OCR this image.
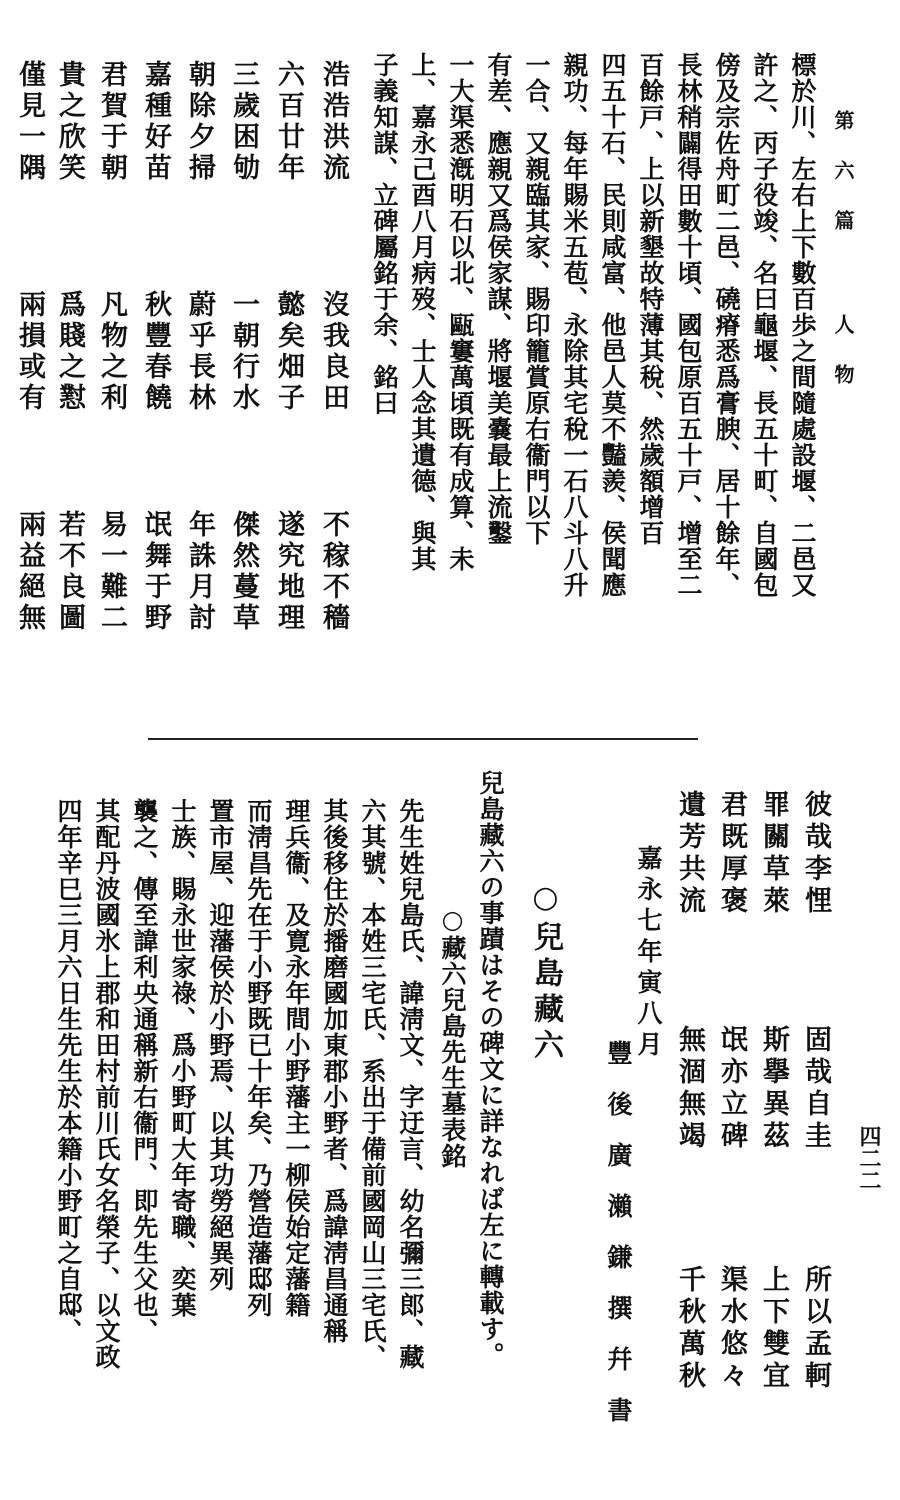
第六篇 人物
四二二
標於川、左右上下數百歩之間隨處設堰、二邑又
許之、丙子役竣、名曰龜堰、長五十町、自國包
傍及宗佐舟町二邑、磽瘠悉爲膏腴、居十餘年、
長林稍闢得田數十頃、國包原百五十戸、增至二
百餘戸、上以新墾故特薄其稅、然歲額增百
四五十石、民則咸富、他邑人莫不豔羨、侯聞應
親功、每年賜米五苞、永除其宅稅一石八斗八升
一合、又親臨其家、賜印籠賞原右衞門以下
有差、應親又爲侯家謀、將堰美嚢最上流鑿
一大渠悉漑明石以北、甌窶萬頃既有成算、未
上、嘉永己酉八月病歿、士人念其遺德、與其
子義知謀、立碑屬銘于余、銘曰
浩浩洪流
沒我良田
不稼不穡
六百廿年
懿矣畑子
遂究地理
三歲困劬
一朝行水
傑然蔓草
朝除夕掃
蔚乎長林
年誅月討
嘉種好苗
秋豐春饒
氓舞于野
君賀于朝
凡物之利
易一難二
貴之欣笑
爲賤之懟
若不良圖
僅見一隅
兩損或有
兩益絕無
彼哉李悝
固哉自圭
所以孟軻
罪關草萊
斯擧異茲
上下雙宜
君既厚褒
氓亦立碑
渠水悠々
遺芳共流
無涸無竭
千秋萬秋
嘉永七年寅八月
豐後廣瀨鎌撰幷書
○兒島藏六
兒島藏六の事蹟はその碑文に詳なれば左に轉載す。
○藏六兒島先生墓表銘
先生姓兒島氏、諱淸文、字迂言、幼名彌三郎、藏
六其號、本姓三宅氏、系出于備前國岡山三宅氏、
其後移住於播磨國加東郡小野者、爲諱淸昌通稱
理兵衞、及寛永年間小野藩主一柳侯始定藩籍
而淸昌先在于小野既已十年矣、乃營造藩邸列
置市屋、迎藩侯於小野焉、以其功勞絕異列
士族、賜永世家祿、爲小野町大年寄職、奕葉
襲之、傳至諱利央通稱新右衞門、即先生父也、
其配丹波國氷上郡和田村前川氏女名榮子、以文政
四年辛巳三月六日生先生於本籍小野町之自邸、
